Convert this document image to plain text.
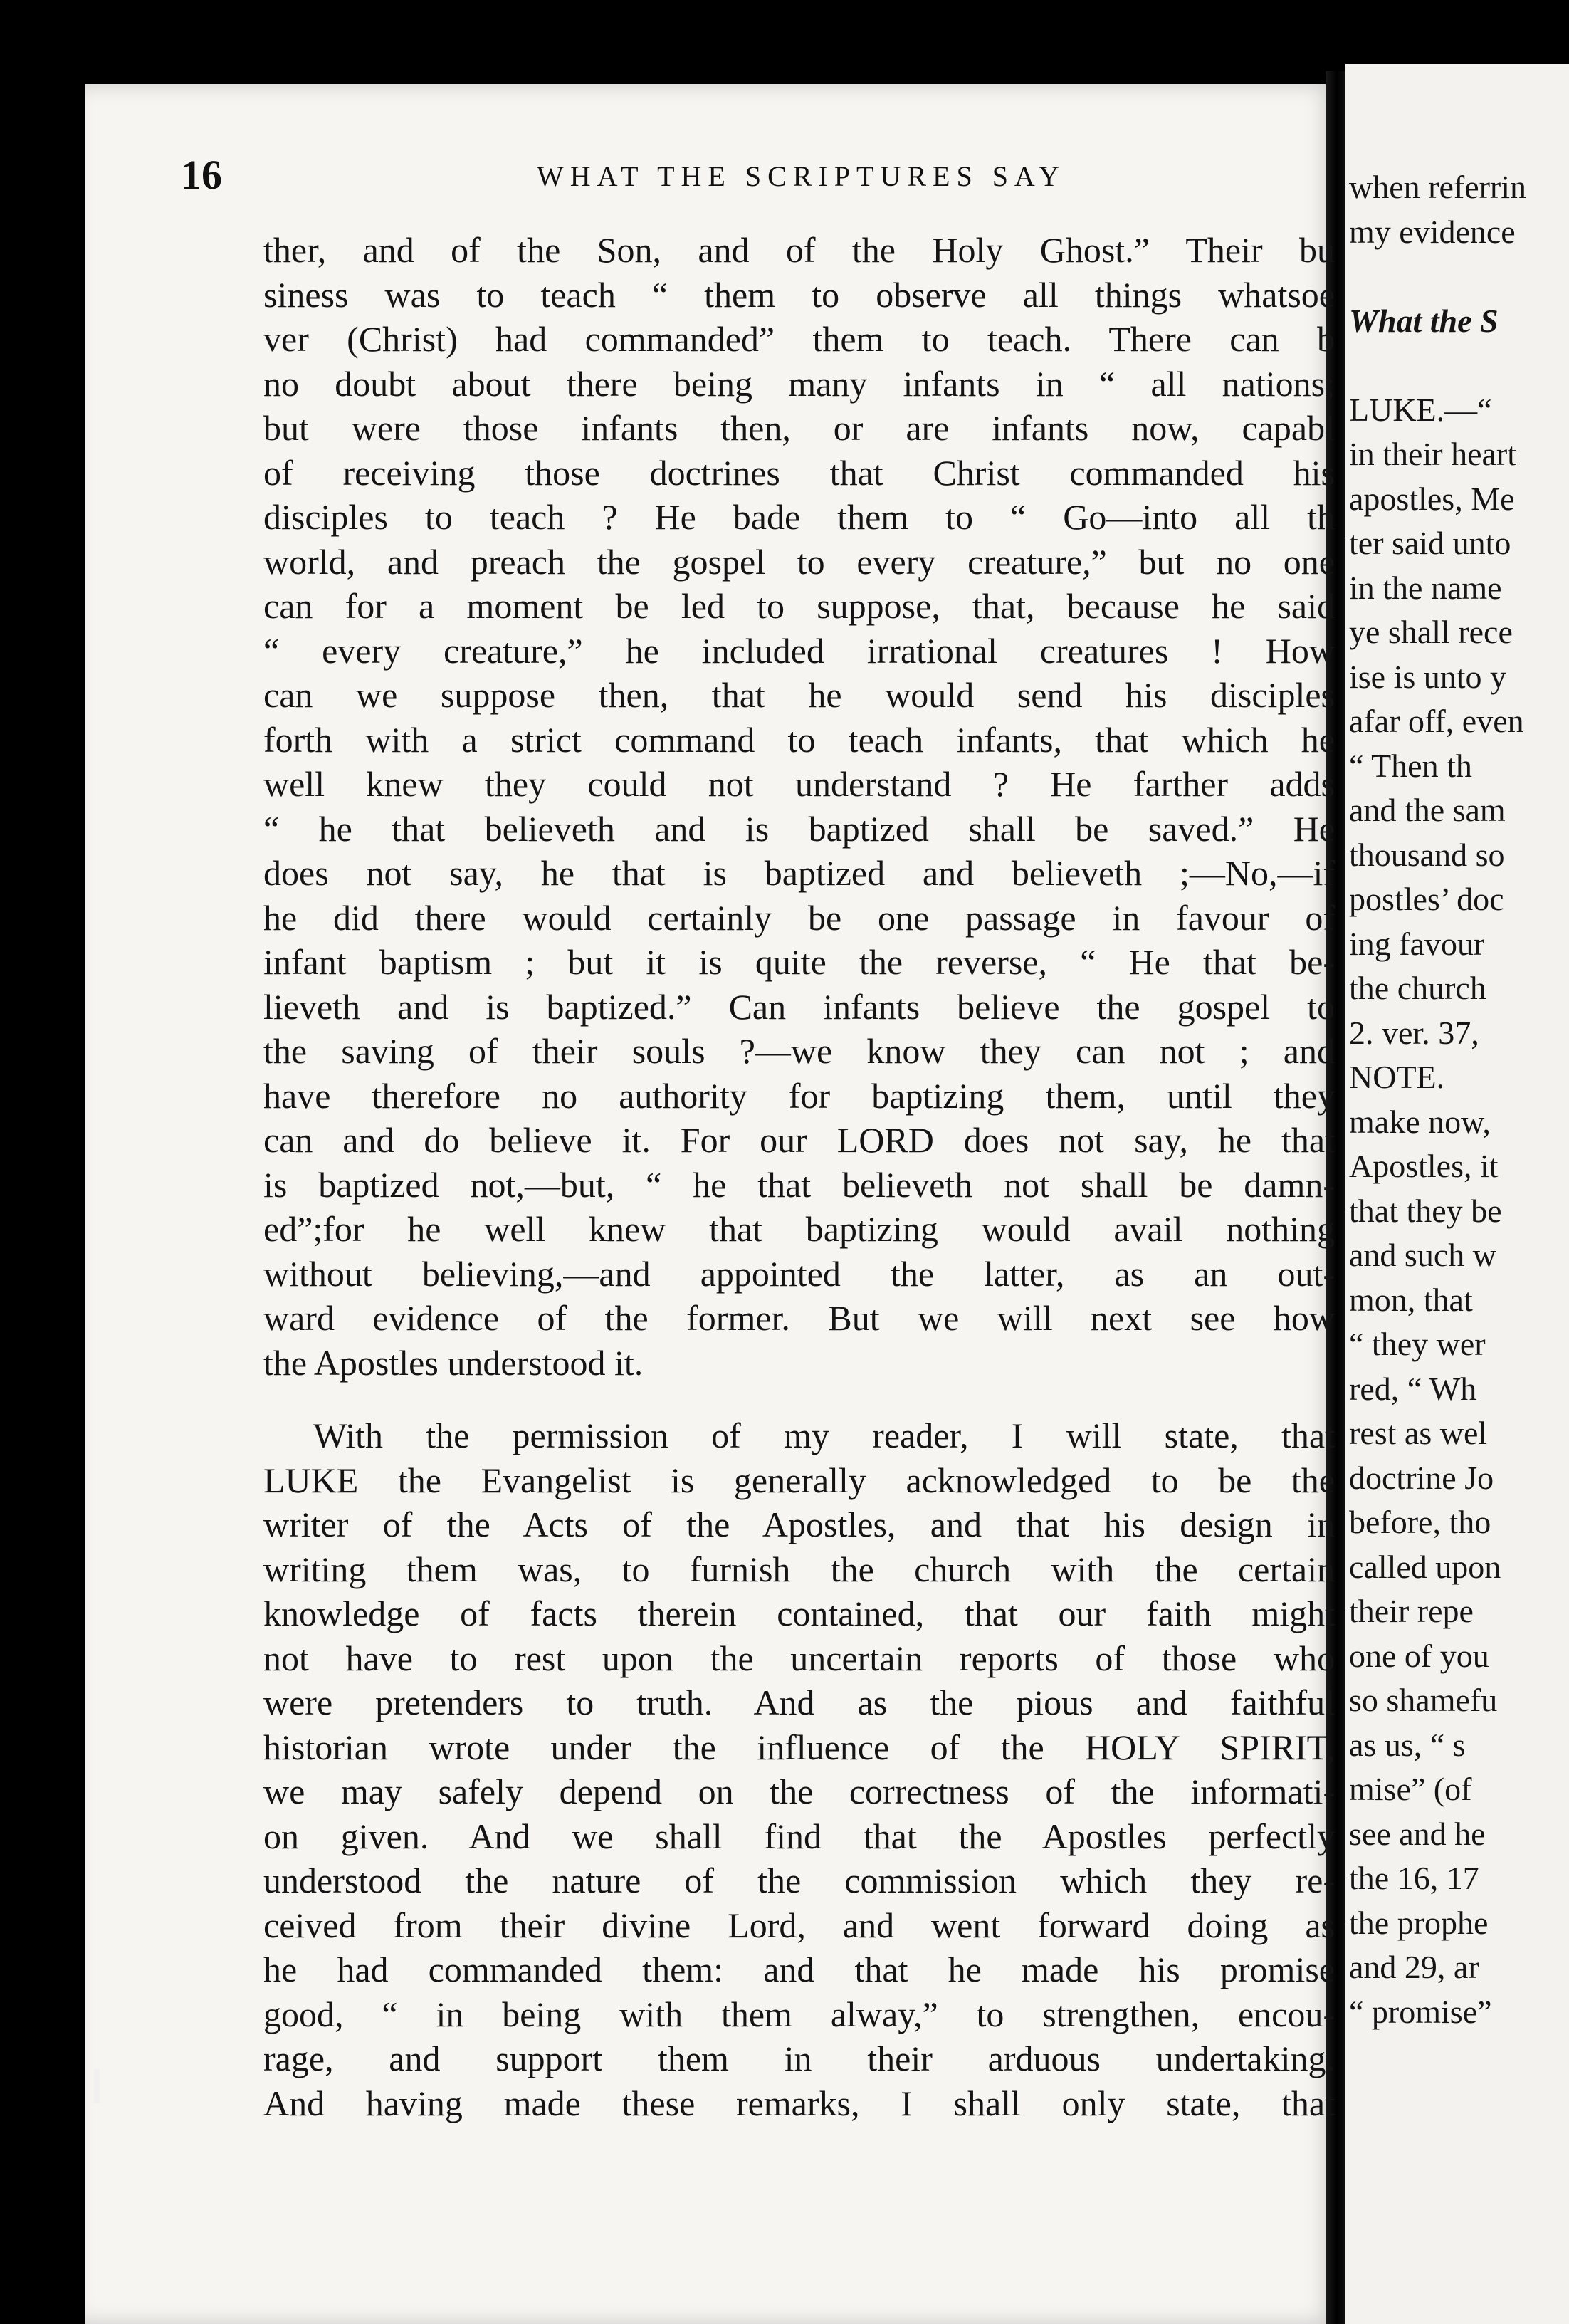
16	WHAT THE SCRIPTURES SAY

ther, and of the Son, and of the Holy Ghost.” Their bu
siness was to teach “ them to observe all things whatsoe
ver (Christ) had commanded” them to teach. There can b
no doubt about there being many infants in “ all nations;
but were those infants then, or are infants now, capabl
of receiving those doctrines that Christ commanded his
disciples to teach ? He bade them to “ Go—into all th
world, and preach the gospel to every creature,” but no one
can for a moment be led to suppose, that, because he said
“ every creature,” he included irrational creatures ! How
can we suppose then, that he would send his disciples
forth with a strict command to teach infants, that which he
well knew they could not understand ? He farther adds
“ he that believeth and is baptized shall be saved.” He
does not say, he that is baptized and believeth ;—No,—if
he did there would certainly be one passage in favour of
infant baptism ; but it is quite the reverse, “ He that be-
lieveth and is baptized.” Can infants believe the gospel to
the saving of their souls ?—we know they can not ; and
have therefore no authority for baptizing them, until they
can and do believe it. For our LORD does not say, he that
is baptized not,—but, “ he that believeth not shall be damn-
ed”;for he well knew that baptizing would avail nothing
without believing,—and appointed the latter, as an out-
ward evidence of the former. But we will next see how
the Apostles understood it.

With the permission of my reader, I will state, that
LUKE the Evangelist is generally acknowledged to be the
writer of the Acts of the Apostles, and that his design in
writing them was, to furnish the church with the certain
knowledge of facts therein contained, that our faith might
not have to rest upon the uncertain reports of those who
were pretenders to truth. And as the pious and faithful
historian wrote under the influence of the HOLY SPIRIT,
we may safely depend on the correctness of the informati-
on given. And we shall find that the Apostles perfectly
understood the nature of the commission which they re-
ceived from their divine Lord, and went forward doing as
he had commanded them: and that he made his promise
good, “ in being with them alway,” to strengthen, encou-
rage, and support them in their arduous undertaking.
And having made these remarks, I shall only state, that

when referrin
my evidence
What the S
LUKE.—“
in their heart
apostles, Me
ter said unto
in the name
ye shall rece
ise is unto y
afar off, even
“ Then th
and the sam
thousand so
postles’ doc
ing favour
the church
2. ver. 37,
NOTE.
make now,
Apostles, it
that they be
and such w
mon, that
“ they wer
red, “ Wh
rest as wel
doctrine Jo
before, tho
called upon
their repe
one of you
so shamefu
as us, “ s
mise” (of
see and he
the 16, 17
the prophe
and 29, ar
“ promise”
